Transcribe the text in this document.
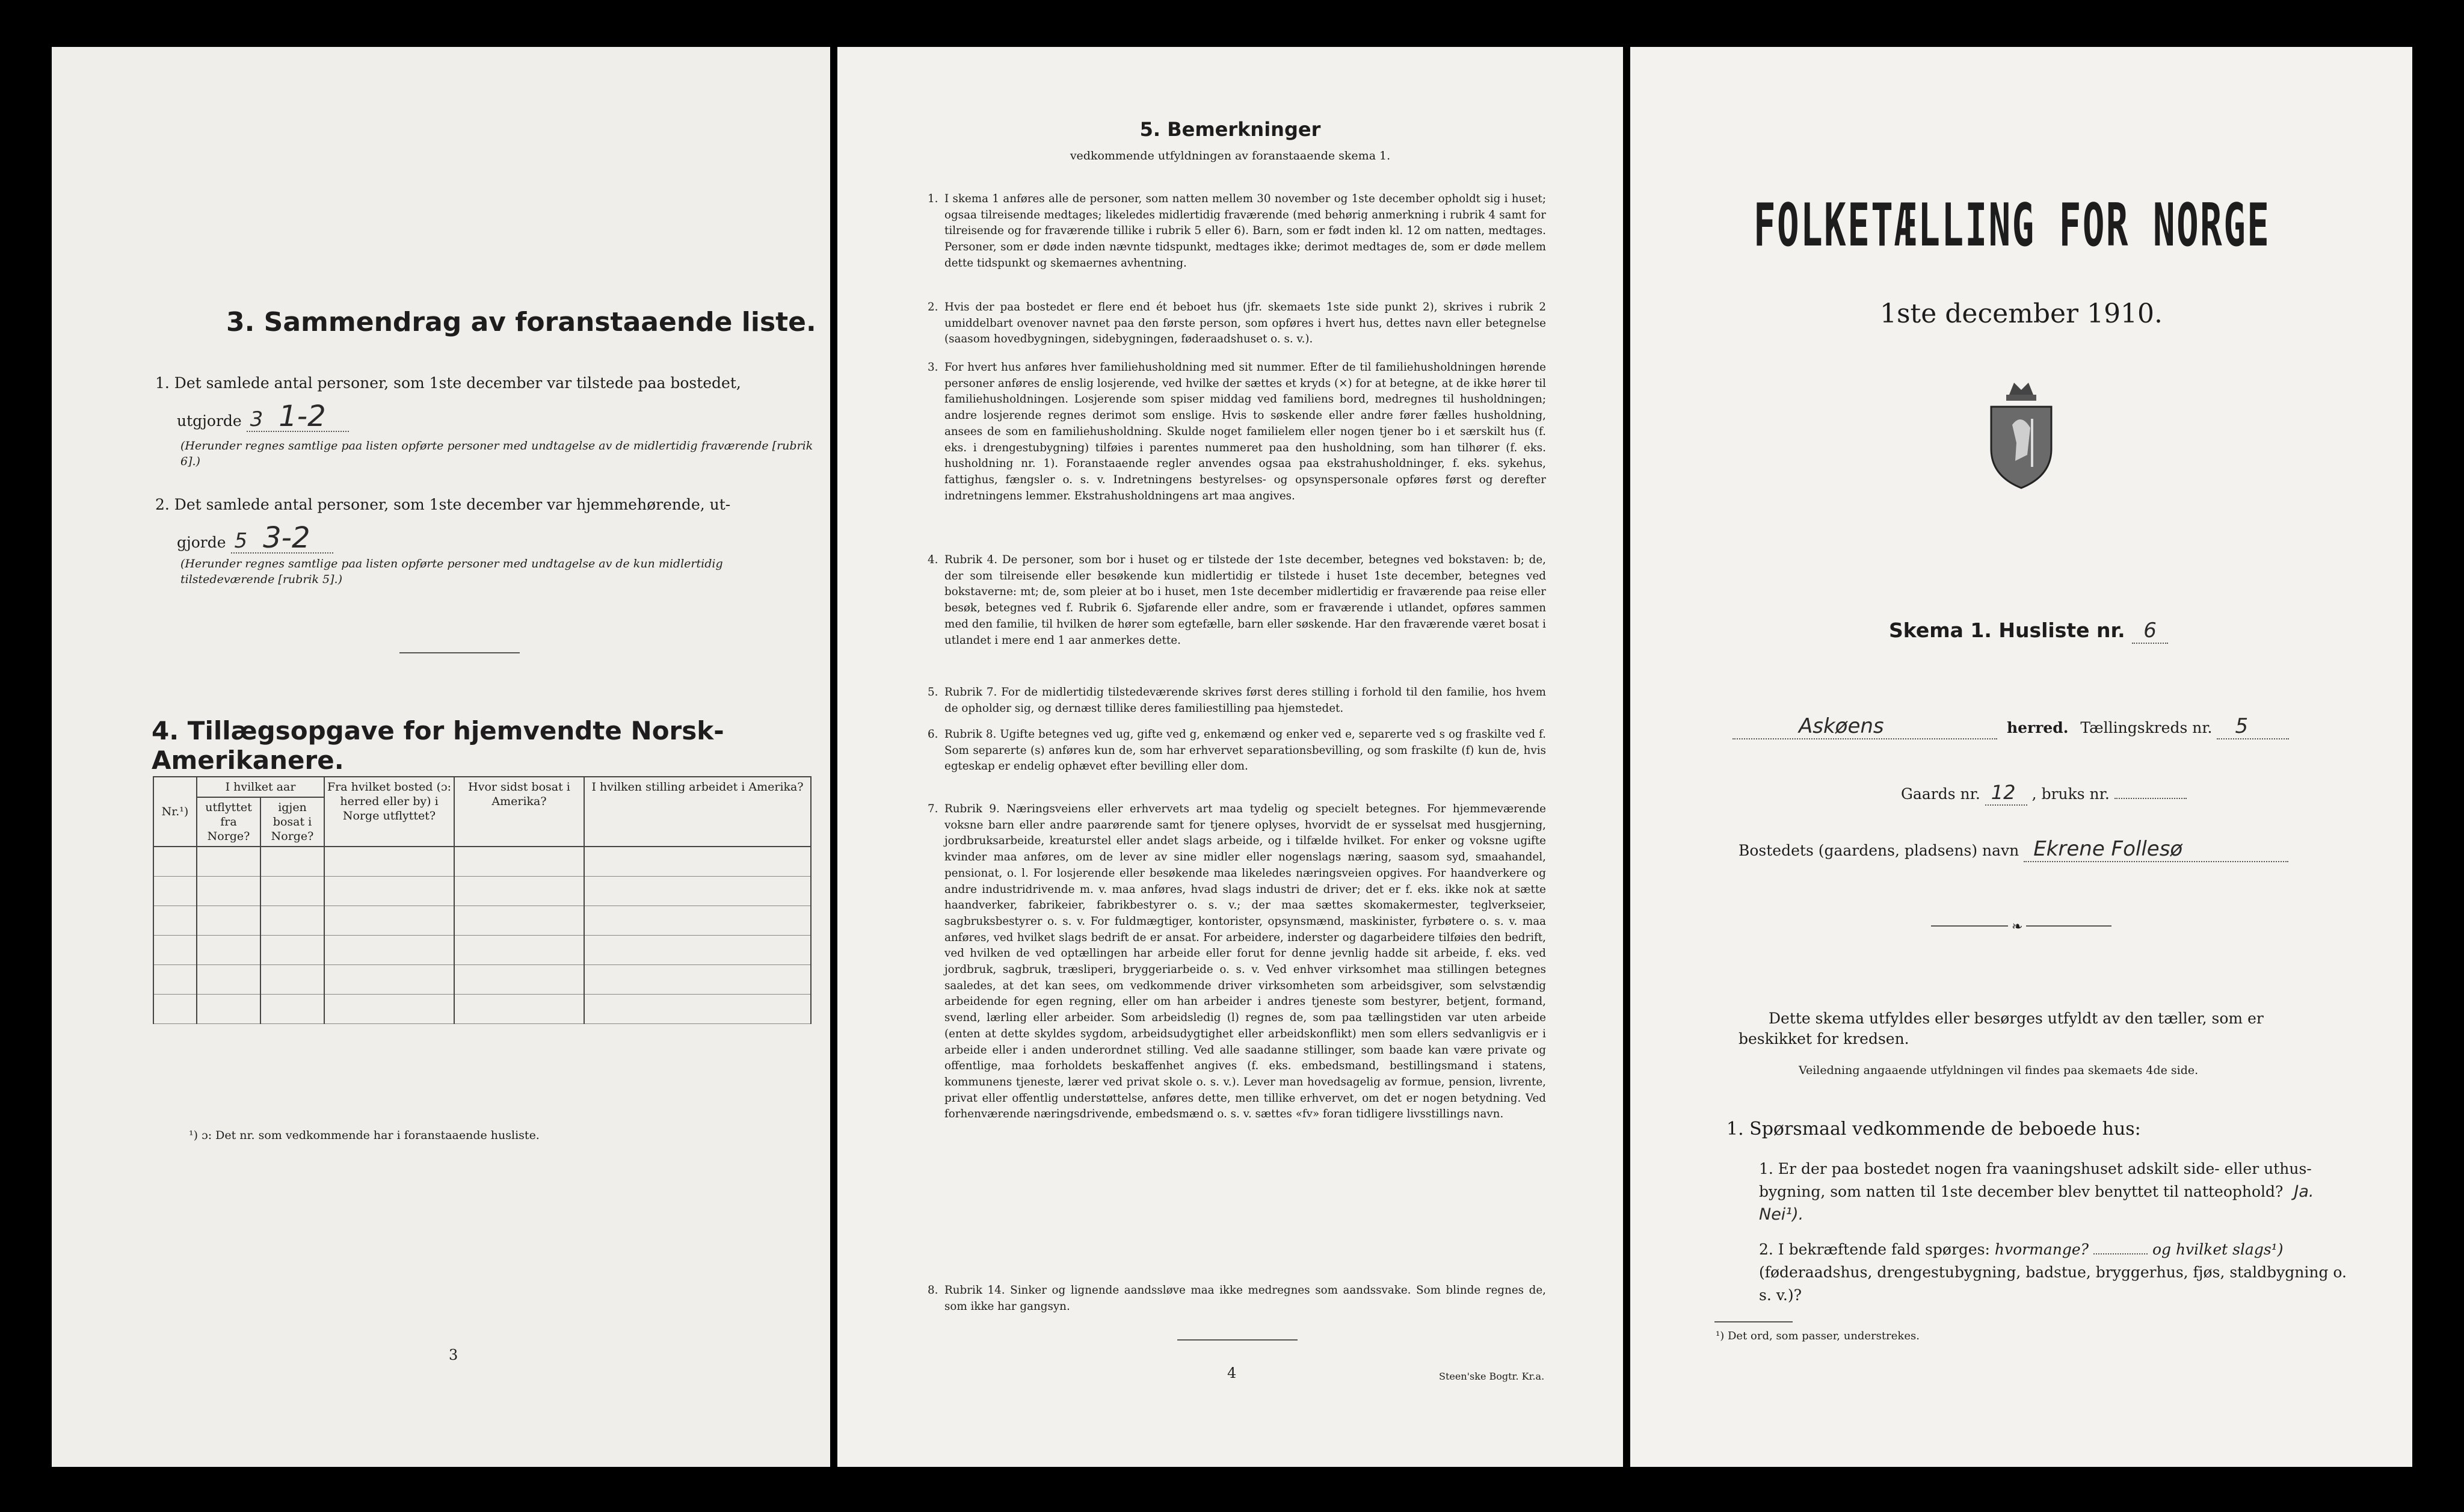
3. Sammendrag av foranstaaende liste.
1. Det samlede antal personer, som 1ste december var tilstede paa bostedet,
utgjorde 3 1-2
(Herunder regnes samtlige paa listen opførte personer med undtagelse av de midlertidig fraværende [rubrik 6].)
2. Det samlede antal personer, som 1ste december var hjemmehørende, ut-
gjorde 5 3-2
(Herunder regnes samtlige paa listen opførte personer med undtagelse av de kun midlertidig tilstedeværende [rubrik 5].)
4. Tillægsopgave for hjemvendte Norsk-Amerikanere.
Nr.¹)	I hvilket aar		Fra hvilket bosted (ɔ: herred eller by) i Norge utflyttet?	Hvor sidst bosat i Amerika?	I hvilken stilling arbeidet i Amerika?
	utflyttet fra Norge?	igjen bosat i Norge?			

¹) ɔ: Det nr. som vedkommende har i foranstaaende husliste.
3
5. Bemerkninger
vedkommende utfyldningen av foranstaaende skema 1.
1. I skema 1 anføres alle de personer, som natten mellem 30 november og 1ste december opholdt sig i huset; ogsaa tilreisende medtages; likeledes midlertidig fraværende (med behørig anmerkning i rubrik 4 samt for tilreisende og for fraværende tillike i rubrik 5 eller 6). Barn, som er født inden kl. 12 om natten, medtages. Personer, som er døde inden nævnte tidspunkt, medtages ikke; derimot medtages de, som er døde mellem dette tidspunkt og skemaernes avhentning.
2. Hvis der paa bostedet er flere end ét beboet hus (jfr. skemaets 1ste side punkt 2), skrives i rubrik 2 umiddelbart ovenover navnet paa den første person, som opføres i hvert hus, dettes navn eller betegnelse (saasom hovedbygningen, sidebygningen, føderaadshuset o. s. v.).
3. For hvert hus anføres hver familiehusholdning med sit nummer. Efter de til familiehusholdningen hørende personer anføres de enslig losjerende, ved hvilke der sættes et kryds (×) for at betegne, at de ikke hører til familiehusholdningen. Losjerende som spiser middag ved familiens bord, medregnes til husholdningen; andre losjerende regnes derimot som enslige. Hvis to søskende eller andre fører fælles husholdning, ansees de som en familiehusholdning. Skulde noget familielem eller nogen tjener bo i et særskilt hus (f. eks. i drengestubygning) tilføies i parentes nummeret paa den husholdning, som han tilhører (f. eks. husholdning nr. 1). Foranstaaende regler anvendes ogsaa paa ekstrahusholdninger, f. eks. sykehus, fattighus, fængsler o. s. v. Indretningens bestyrelses- og opsynspersonale opføres først og derefter indretningens lemmer. Ekstrahusholdningens art maa angives.
4. Rubrik 4. De personer, som bor i huset og er tilstede der 1ste december, betegnes ved bokstaven: b; de, der som tilreisende eller besøkende kun midlertidig er tilstede i huset 1ste december, betegnes ved bokstaverne: mt; de, som pleier at bo i huset, men 1ste december midlertidig er fraværende paa reise eller besøk, betegnes ved f. Rubrik 6. Sjøfarende eller andre, som er fraværende i utlandet, opføres sammen med den familie, til hvilken de hører som egtefælle, barn eller søskende. Har den fraværende været bosat i utlandet i mere end 1 aar anmerkes dette.
5. Rubrik 7. For de midlertidig tilstedeværende skrives først deres stilling i forhold til den familie, hos hvem de opholder sig, og dernæst tillike deres familiestilling paa hjemstedet.
6. Rubrik 8. Ugifte betegnes ved ug, gifte ved g, enkemænd og enker ved e, separerte ved s og fraskilte ved f. Som separerte (s) anføres kun de, som har erhvervet separationsbevilling, og som fraskilte (f) kun de, hvis egteskap er endelig ophævet efter bevilling eller dom.
7. Rubrik 9. Næringsveiens eller erhvervets art maa tydelig og specielt betegnes. For hjemmeværende voksne barn eller andre paarørende samt for tjenere oplyses, hvorvidt de er sysselsat med husgjerning, jordbruksarbeide, kreaturstel eller andet slags arbeide, og i tilfælde hvilket. For enker og voksne ugifte kvinder maa anføres, om de lever av sine midler eller nogenslags næring, saasom syd, smaahandel, pensionat, o. l. For losjerende eller besøkende maa likeledes næringsveien opgives. For haandverkere og andre industridrivende m. v. maa anføres, hvad slags industri de driver; det er f. eks. ikke nok at sætte haandverker, fabrikeier, fabrikbestyrer o. s. v.; der maa sættes skomakermester, teglverkseier, sagbruksbestyrer o. s. v. For fuldmægtiger, kontorister, opsynsmænd, maskinister, fyrbøtere o. s. v. maa anføres, ved hvilket slags bedrift de er ansat. For arbeidere, inderster og dagarbeidere tilføies den bedrift, ved hvilken de ved optællingen har arbeide eller forut for denne jevnlig hadde sit arbeide, f. eks. ved jordbruk, sagbruk, træsliperi, bryggeriarbeide o. s. v. Ved enhver virksomhet maa stillingen betegnes saaledes, at det kan sees, om vedkommende driver virksomheten som arbeidsgiver, som selvstændig arbeidende for egen regning, eller om han arbeider i andres tjeneste som bestyrer, betjent, formand, svend, lærling eller arbeider. Som arbeidsledig (l) regnes de, som paa tællingstiden var uten arbeide (enten at dette skyldes sygdom, arbeidsudygtighet eller arbeidskonflikt) men som ellers sedvanligvis er i arbeide eller i anden underordnet stilling. Ved alle saadanne stillinger, som baade kan være private og offentlige, maa forholdets beskaffenhet angives (f. eks. embedsmand, bestillingsmand i statens, kommunens tjeneste, lærer ved privat skole o. s. v.). Lever man hovedsagelig av formue, pension, livrente, privat eller offentlig understøttelse, anføres dette, men tillike erhvervet, om det er nogen betydning. Ved forhenværende næringsdrivende, embedsmænd o. s. v. sættes «fv» foran tidligere livsstillings navn.
8. Rubrik 14. Sinker og lignende aandssløve maa ikke medregnes som aandssvake. Som blinde regnes de, som ikke har gangsyn.
4	Steen'ske Bogtr. Kr.a.
FOLKETÆLLING FOR NORGE
1ste december 1910.
Skema 1. Husliste nr. 6
Askøens	herred. Tællingskreds nr. 5
Gaards nr. 12 , bruks nr.
Bostedets (gaardens, pladsens) navn Ekrene Follesø
❧
Dette skema utfyldes eller besørges utfyldt av den tæller, som er beskikket for kredsen.
Veiledning angaaende utfyldningen vil findes paa skemaets 4de side.
1. Spørsmaal vedkommende de beboede hus:
1. Er der paa bostedet nogen fra vaaningshuset adskilt side- eller uthus-bygning, som natten til 1ste december blev benyttet til natteophold? Ja. Nei¹).
2. I bekræftende fald spørges: hvormange?	og hvilket slags¹) (føderaadshus, drengestubygning, badstue, bryggerhus, fjøs, staldbygning o. s. v.)?
¹) Det ord, som passer, understrekes.
